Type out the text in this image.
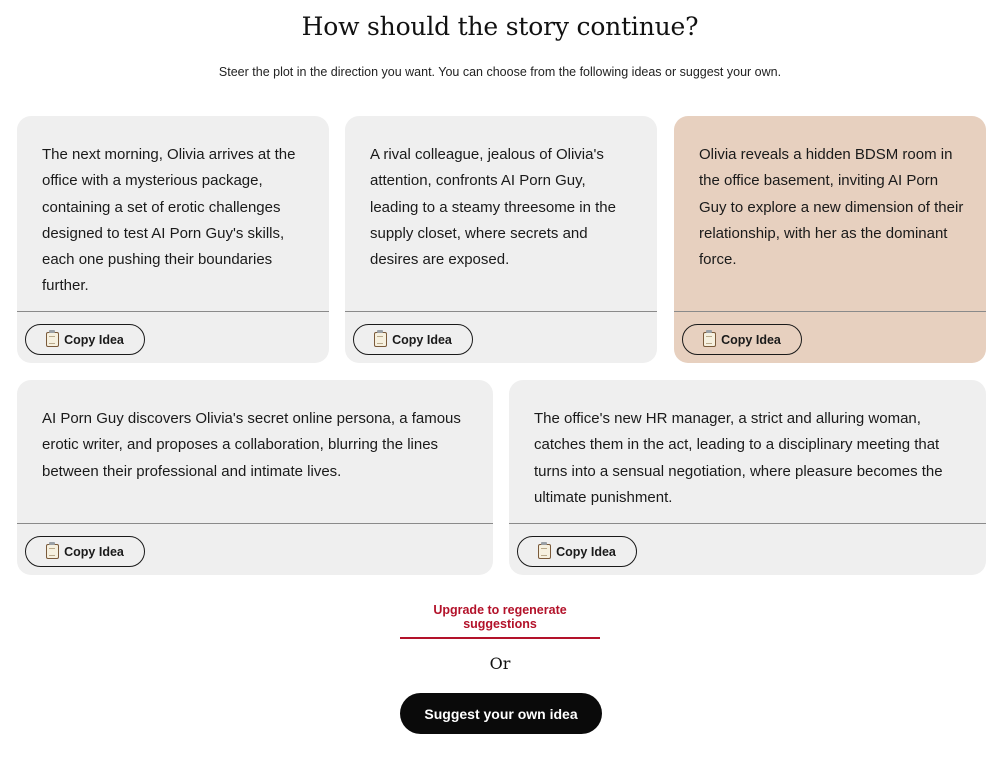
How should the story continue?

Steer the plot in the direction you want. You can choose from the following ideas or suggest your own.

The next morning, Olivia arrives at the office with a mysterious package, containing a set of erotic challenges designed to test AI Porn Guy's skills, each one pushing their boundaries further.

Copy Idea

A rival colleague, jealous of Olivia's attention, confronts AI Porn Guy, leading to a steamy threesome in the supply closet, where secrets and desires are exposed.

Copy Idea

Olivia reveals a hidden BDSM room in the office basement, inviting AI Porn Guy to explore a new dimension of their relationship, with her as the dominant force.

Copy Idea

AI Porn Guy discovers Olivia's secret online persona, a famous erotic writer, and proposes a collaboration, blurring the lines between their professional and intimate lives.

Copy Idea

The office's new HR manager, a strict and alluring woman, catches them in the act, leading to a disciplinary meeting that turns into a sensual negotiation, where pleasure becomes the ultimate punishment.

Copy Idea
Upgrade to regenerate suggestions
Or
Suggest your own idea
